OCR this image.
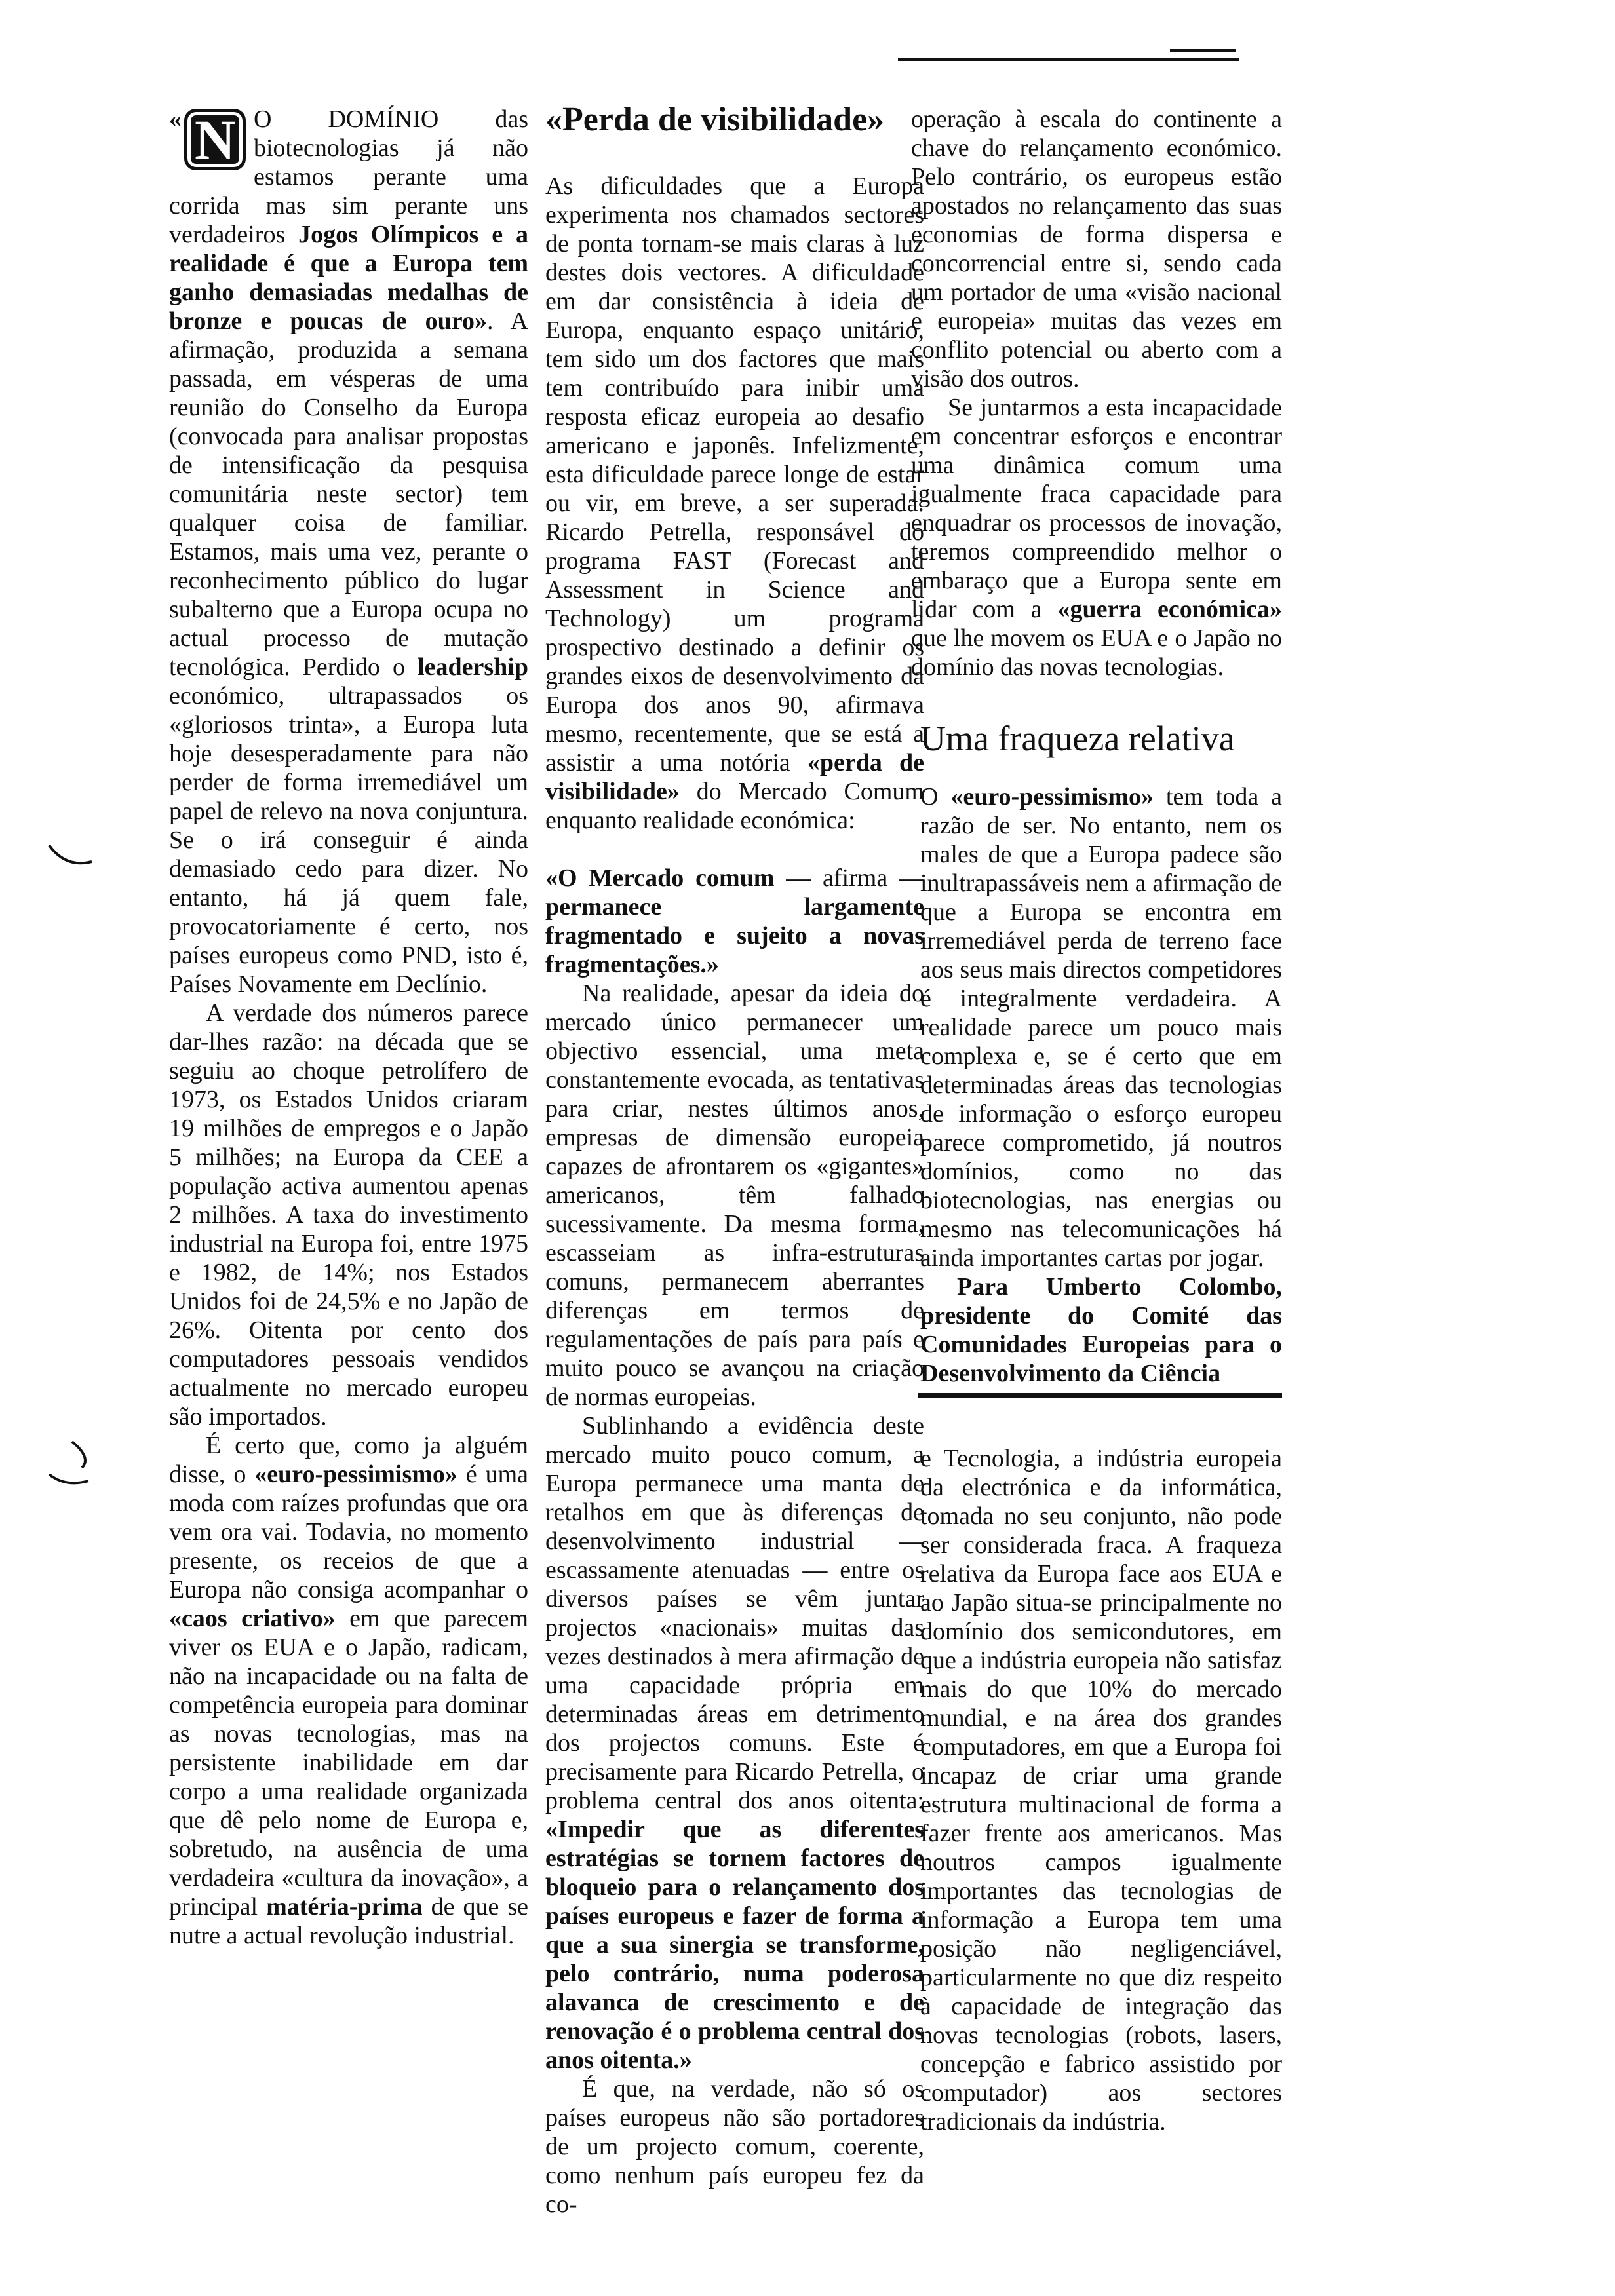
« N O DOMÍNIO das biotecnologias já não estamos perante uma corrida mas sim perante uns verdadeiros Jogos Olímpicos e a realidade é que a Europa tem ganho demasiadas medalhas de bronze e poucas de ouro». A afirmação, produzida a semana passada, em vésperas de uma reunião do Conselho da Europa (convocada para analisar propostas de intensificação da pesquisa comunitária neste sector) tem qualquer coisa de familiar. Estamos, mais uma vez, perante o reconhecimento público do lugar subalterno que a Europa ocupa no actual processo de mutação tecnológica. Perdido o leadership económico, ultrapassados os «gloriosos trinta», a Europa luta hoje desesperadamente para não perder de forma irremediável um papel de relevo na nova conjuntura. Se o irá conseguir é ainda demasiado cedo para dizer. No entanto, há já quem fale, provocatoriamente é certo, nos países europeus como PND, isto é, Países Novamente em Declínio.

A verdade dos números parece dar-lhes razão: na década que se seguiu ao choque petrolífero de 1973, os Estados Unidos criaram 19 milhões de empregos e o Japão 5 milhões; na Europa da CEE a população activa aumentou apenas 2 milhões. A taxa do investimento industrial na Europa foi, entre 1975 e 1982, de 14%; nos Estados Unidos foi de 24,5% e no Japão de 26%. Oitenta por cento dos computadores pessoais vendidos actualmente no mercado europeu são importados.

É certo que, como ja alguém disse, o «euro-pessimismo» é uma moda com raízes profundas que ora vem ora vai. Todavia, no momento presente, os receios de que a Europa não consiga acompanhar o «caos criativo» em que parecem viver os EUA e o Japão, radicam, não na incapacidade ou na falta de competência europeia para dominar as novas tecnologias, mas na persistente inabilidade em dar corpo a uma realidade organizada que dê pelo nome de Europa e, sobretudo, na ausência de uma verdadeira «cultura da inovação», a principal matéria-prima de que se nutre a actual revolução industrial.

«Perda de visibilidade»

As dificuldades que a Europa experimenta nos chamados sectores de ponta tornam-se mais claras à luz destes dois vectores. A dificuldade em dar consistência à ideia de Europa, enquanto espaço unitário, tem sido um dos factores que mais tem contribuído para inibir uma resposta eficaz europeia ao desafio americano e japonês. Infelizmente, esta dificuldade parece longe de estar ou vir, em breve, a ser superada. Ricardo Petrella, responsável do programa FAST (Forecast and Assessment in Science and Technology) um programa prospectivo destinado a definir os grandes eixos de desenvolvimento da Europa dos anos 90, afirmava mesmo, recentemente, que se está a assistir a uma notória «perda de visibilidade» do Mercado Comum enquanto realidade económica:

«O Mercado comum — afirma — permanece largamente fragmentado e sujeito a novas fragmentações.»

Na realidade, apesar da ideia do mercado único permanecer um objectivo essencial, uma meta constantemente evocada, as tentativas para criar, nestes últimos anos, empresas de dimensão europeia capazes de afrontarem os «gigantes» americanos, têm falhado sucessivamente. Da mesma forma, escasseiam as infra-estruturas comuns, permanecem aberrantes diferenças em termos de regulamentações de país para país e muito pouco se avançou na criação de normas europeias.

Sublinhando a evidência deste mercado muito pouco comum, a Europa permanece uma manta de retalhos em que às diferenças de desenvolvimento industrial — escassamente atenuadas — entre os diversos países se vêm juntar projectos «nacionais» muitas das vezes destinados à mera afirmação de uma capacidade própria em determinadas áreas em detrimento dos projectos comuns. Este é precisamente para Ricardo Petrella, o problema central dos anos oitenta: «Impedir que as diferentes estratégias se tornem factores de bloqueio para o relançamento dos países europeus e fazer de forma a que a sua sinergia se transforme, pelo contrário, numa poderosa alavanca de crescimento e de renovação é o problema central dos anos oitenta.»

É que, na verdade, não só os países europeus não são portadores de um projecto comum, coerente, como nenhum país europeu fez da co-

operação à escala do continente a chave do relançamento económico. Pelo contrário, os europeus estão apostados no relançamento das suas economias de forma dispersa e concorrencial entre si, sendo cada um portador de uma «visão nacional e europeia» muitas das vezes em conflito potencial ou aberto com a visão dos outros.

Se juntarmos a esta incapacidade em concentrar esforços e encontrar uma dinâmica comum uma igualmente fraca capacidade para enquadrar os processos de inovação, teremos compreendido melhor o embaraço que a Europa sente em lidar com a «guerra económica» que lhe movem os EUA e o Japão no domínio das novas tecnologias.

Uma fraqueza relativa

O «euro-pessimismo» tem toda a razão de ser. No entanto, nem os males de que a Europa padece são inultrapassáveis nem a afirmação de que a Europa se encontra em irremediável perda de terreno face aos seus mais directos competidores é integralmente verdadeira. A realidade parece um pouco mais complexa e, se é certo que em determinadas áreas das tecnologias de informação o esforço europeu parece comprometido, já noutros domínios, como no das biotecnologias, nas energias ou mesmo nas telecomunicações há ainda importantes cartas por jogar.

Para Umberto Colombo, presidente do Comité das Comunidades Europeias para o Desenvolvimento da Ciência

e Tecnologia, a indústria europeia da electrónica e da informática, tomada no seu conjunto, não pode ser considerada fraca. A fraqueza relativa da Europa face aos EUA e ao Japão situa-se principalmente no domínio dos semicondutores, em que a indústria europeia não satisfaz mais do que 10% do mercado mundial, e na área dos grandes computadores, em que a Europa foi incapaz de criar uma grande estrutura multinacional de forma a fazer frente aos americanos. Mas noutros campos igualmente importantes das tecnologias de informação a Europa tem uma posição não negligenciável, particularmente no que diz respeito à capacidade de integração das novas tecnologias (robots, lasers, concepção e fabrico assistido por computador) aos sectores tradicionais da indústria.
